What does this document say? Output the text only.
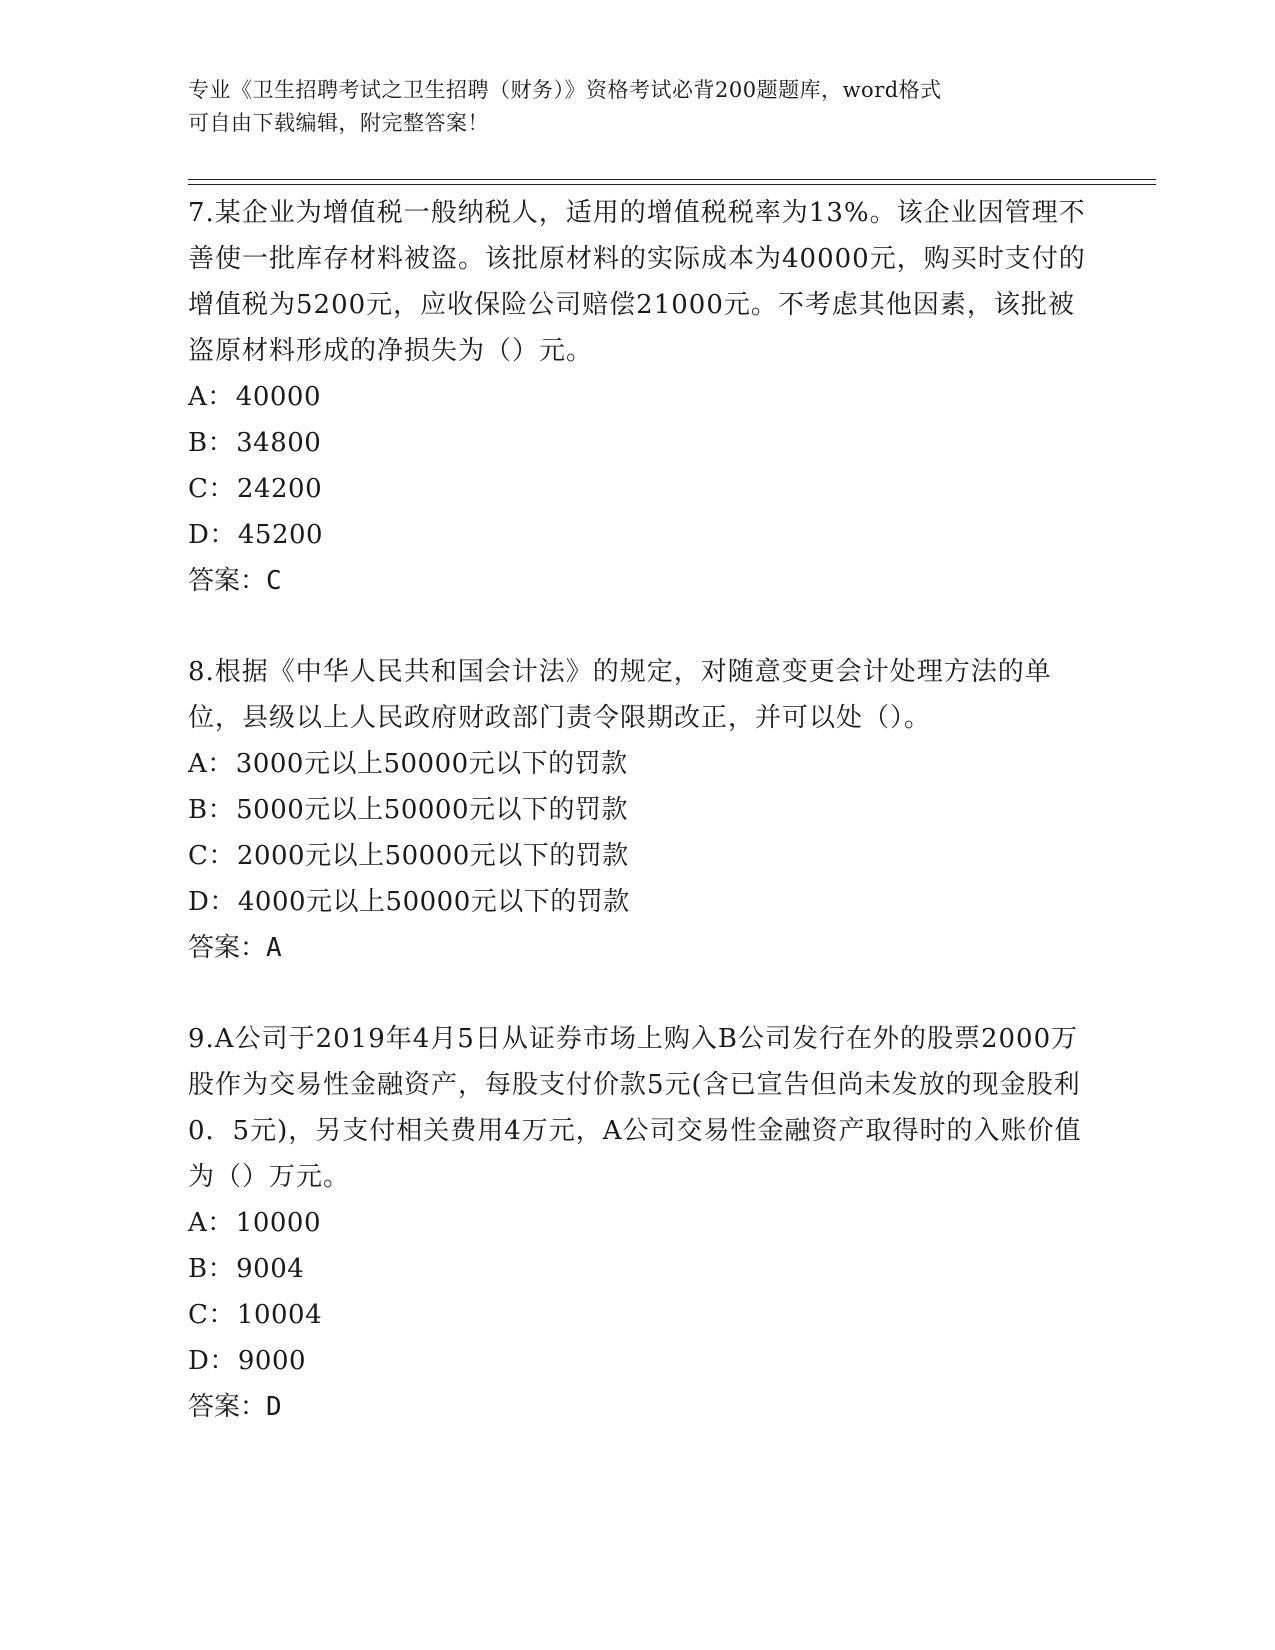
专业《卫生招聘考试之卫生招聘（财务）》资格考试必背200题题库，word格式
可自由下载编辑，附完整答案！

7.某企业为增值税一般纳税人，适用的增值税税率为13%。该企业因管理不善使一批库存材料被盗。该批原材料的实际成本为40000元，购买时支付的增值税为5200元，应收保险公司赔偿21000元。不考虑其他因素，该批被盗原材料形成的净损失为（）元。

A：40000

B：34800

C：24200

D：45200

答案：C

8.根据《中华人民共和国会计法》的规定，对随意变更会计处理方法的单位，县级以上人民政府财政部门责令限期改正，并可以处（）。

A：3000元以上50000元以下的罚款

B：5000元以上50000元以下的罚款

C：2000元以上50000元以下的罚款

D：4000元以上50000元以下的罚款

答案：A

9.A公司于2019年4月5日从证券市场上购入B公司发行在外的股票2000万股作为交易性金融资产，每股支付价款5元(含已宣告但尚未发放的现金股利0．5元)，另支付相关费用4万元，A公司交易性金融资产取得时的入账价值为（）万元。

A：10000

B：9004

C：10004

D：9000

答案：D
